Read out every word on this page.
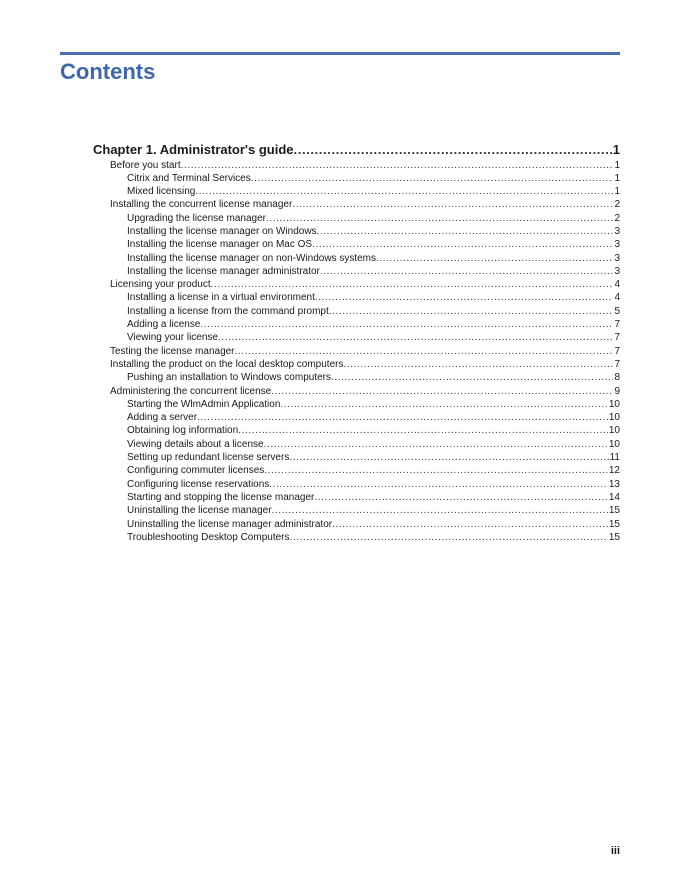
Contents
Chapter 1. Administrator's guide .....	1
Before you start .....	1
Citrix and Terminal Services .....	1
Mixed licensing .....	1
Installing the concurrent license manager .....	2
Upgrading the license manager .....	2
Installing the license manager on Windows .....	3
Installing the license manager on Mac OS .....	3
Installing the license manager on non-Windows systems .....	3
Installing the license manager administrator .....	3
Licensing your product .....	4
Installing a license in a virtual environment .....	4
Installing a license from the command prompt .....	5
Adding a license .....	7
Viewing your license .....	7
Testing the license manager .....	7
Installing the product on the local desktop computers .....	7
Pushing an installation to Windows computers .....	8
Administering the concurrent license .....	9
Starting the WlmAdmin Application .....	10
Adding a server .....	10
Obtaining log information .....	10
Viewing details about a license .....	10
Setting up redundant license servers .....	11
Configuring commuter licenses .....	12
Configuring license reservations .....	13
Starting and stopping the license manager .....	14
Uninstalling the license manager .....	15
Uninstalling the license manager administrator .....	15
Troubleshooting Desktop Computers .....	15
iii
